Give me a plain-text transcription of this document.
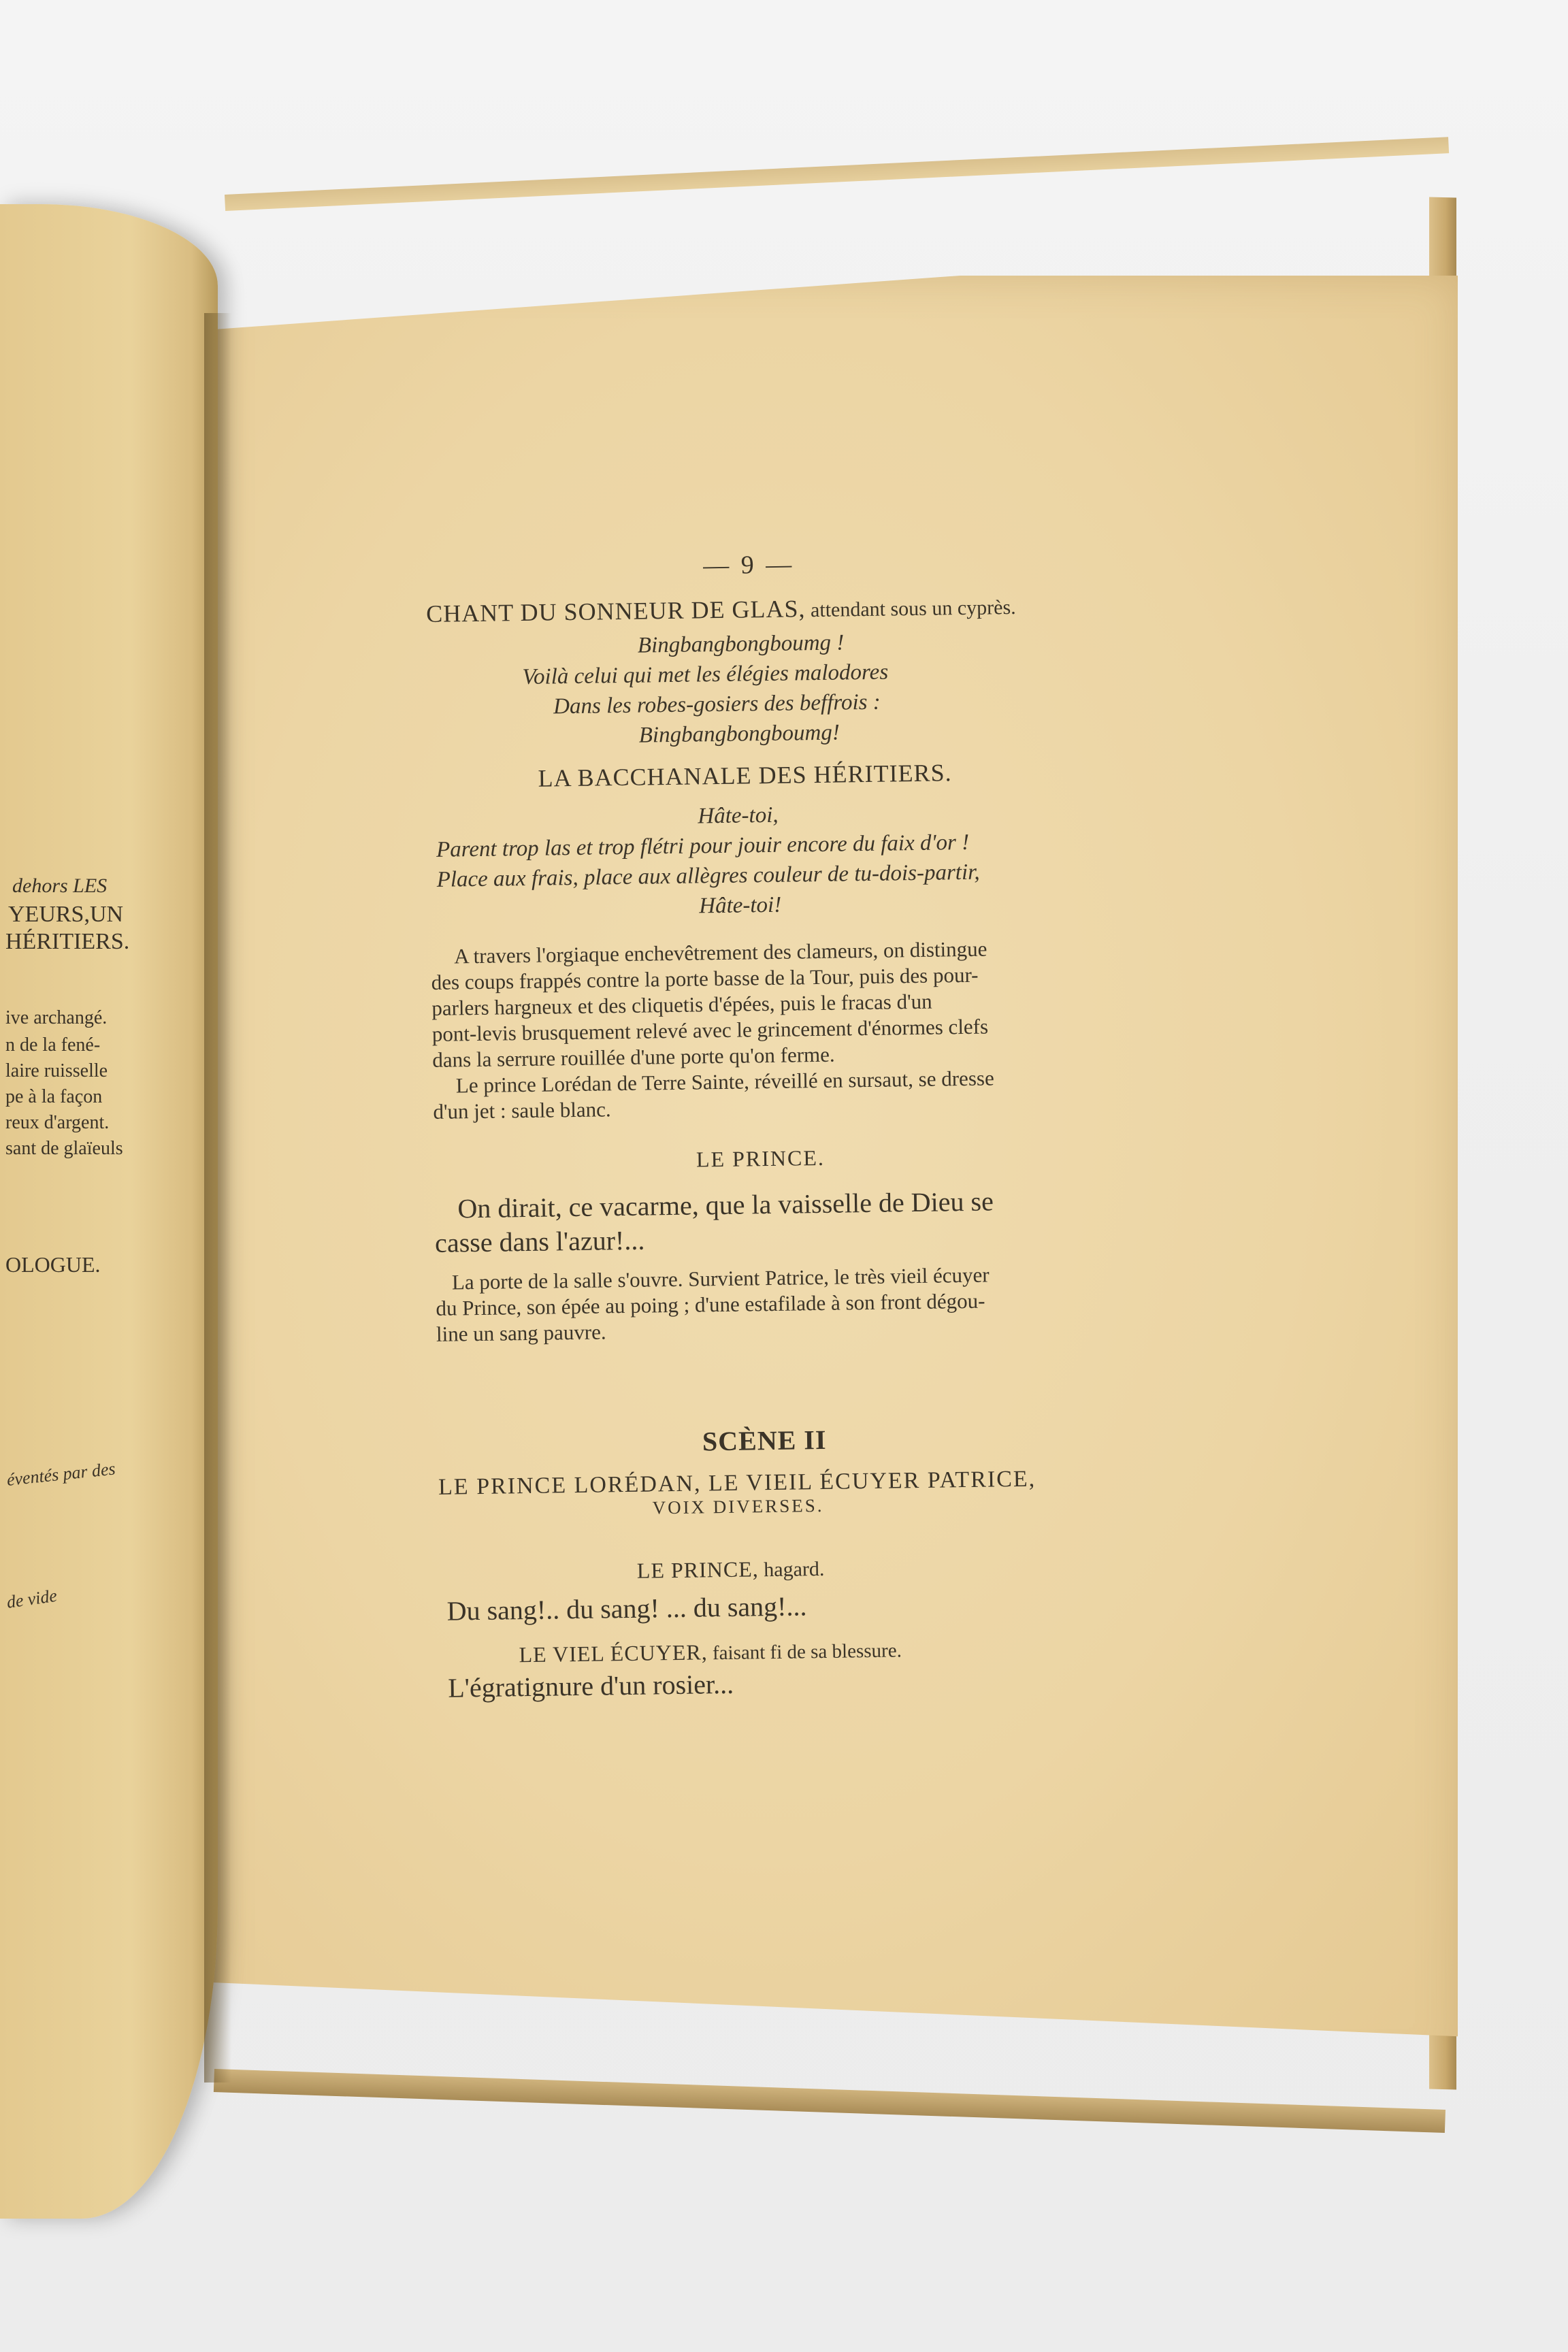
dehors LES
YEURS,UN
HÉRITIERS.
ive archangé.
n de la fené-
laire ruisselle
pe à la façon
reux d'argent.
sant de glaïeuls
OLOGUE.
éventés par des
de vide
— 9 —
CHANT DU SONNEUR DE GLAS, attendant sous un cyprès.
Bingbangbongboumg !
Voilà celui qui met les élégies malodores
Dans les robes-gosiers des beffrois :
Bingbangbongboumg!
LA BACCHANALE DES HÉRITIERS.
Hâte-toi,
Parent trop las et trop flétri pour jouir encore du faix d'or !
Place aux frais, place aux allègres couleur de tu-dois-partir,
Hâte-toi!
A travers l'orgiaque enchevêtrement des clameurs, on distingue
des coups frappés contre la porte basse de la Tour, puis des pour-
parlers hargneux et des cliquetis d'épées, puis le fracas d'un
pont-levis brusquement relevé avec le grincement d'énormes clefs
dans la serrure rouillée d'une porte qu'on ferme.
Le prince Lorédan de Terre Sainte, réveillé en sursaut, se dresse
d'un jet : saule blanc.
LE PRINCE.
On dirait, ce vacarme, que la vaisselle de Dieu se
casse dans l'azur!...
La porte de la salle s'ouvre. Survient Patrice, le très vieil écuyer
du Prince, son épée au poing ; d'une estafilade à son front dégou-
line un sang pauvre.
SCÈNE II
LE PRINCE LORÉDAN, LE VIEIL ÉCUYER PATRICE,
VOIX DIVERSES.
LE PRINCE, hagard.
Du sang!.. du sang! ... du sang!...
LE VIEL ÉCUYER, faisant fi de sa blessure.
L'égratignure d'un rosier...
